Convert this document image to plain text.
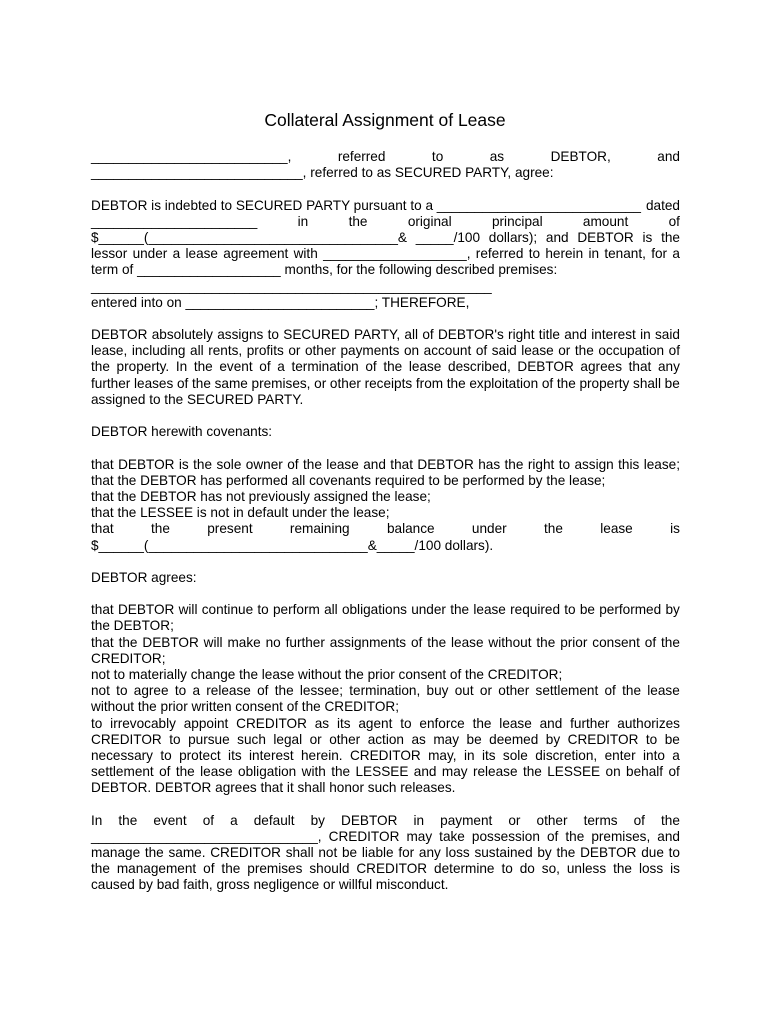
Collateral Assignment of Lease
__________________________,	referred	to	as	DEBTOR,	and
____________________________, referred to as SECURED PARTY, agree:
DEBTOR is indebted to SECURED PARTY pursuant to a ___________________________ dated
______________________	in	the	original	principal	amount	of
$______(_________________________________& _____/100 dollars); and DEBTOR is the
lessor under a lease agreement with ___________________, referred to herein in tenant, for a
term of ___________________ months, for the following described premises:
_____________________________________________________
entered into on _________________________; THEREFORE,
DEBTOR absolutely assigns to SECURED PARTY, all of DEBTOR's right title and interest in said
lease, including all rents, profits or other payments on account of said lease or the occupation of
the property. In the event of a termination of the lease described, DEBTOR agrees that any
further leases of the same premises, or other receipts from the exploitation of the property shall be
assigned to the SECURED PARTY.
DEBTOR herewith covenants:
that DEBTOR is the sole owner of the lease and that DEBTOR has the right to assign this lease;
that the DEBTOR has performed all covenants required to be performed by the lease;
that the DEBTOR has not previously assigned the lease;
that the LESSEE is not in default under the lease;
that	the	present	remaining	balance	under	the	lease	is
$______(_____________________________&_____/100 dollars).
DEBTOR agrees:
that DEBTOR will continue to perform all obligations under the lease required to be performed by
the DEBTOR;
that the DEBTOR will make no further assignments of the lease without the prior consent of the
CREDITOR;
not to materially change the lease without the prior consent of the CREDITOR;
not to agree to a release of the lessee; termination, buy out or other settlement of the lease
without the prior written consent of the CREDITOR;
to irrevocably appoint CREDITOR as its agent to enforce the lease and further authorizes
CREDITOR to pursue such legal or other action as may be deemed by CREDITOR to be
necessary to protect its interest herein. CREDITOR may, in its sole discretion, enter into a
settlement of the lease obligation with the LESSEE and may release the LESSEE on behalf of
DEBTOR. DEBTOR agrees that it shall honor such releases.
In the event of a default by DEBTOR in payment or other terms of the
______________________________, CREDITOR may take possession of the premises, and
manage the same. CREDITOR shall not be liable for any loss sustained by the DEBTOR due to
the management of the premises should CREDITOR determine to do so, unless the loss is
caused by bad faith, gross negligence or willful misconduct.
